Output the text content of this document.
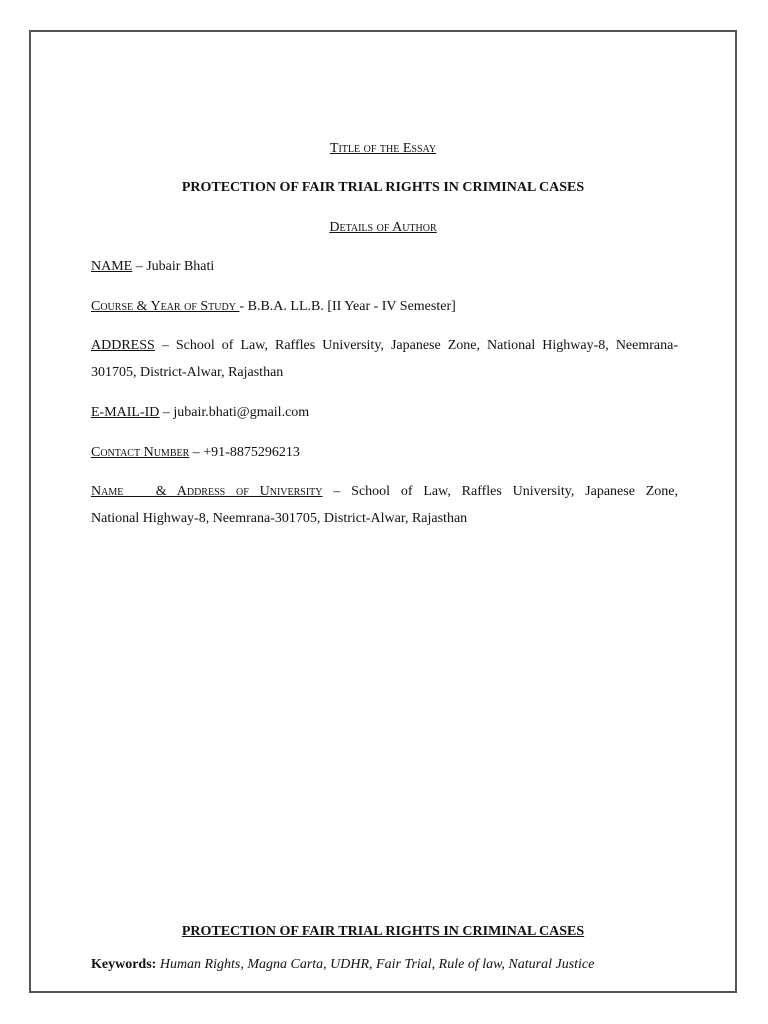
Title of the Essay
PROTECTION OF FAIR TRIAL RIGHTS IN CRIMINAL CASES
Details of Author
NAME – Jubair Bhati
Course & Year of Study - B.B.A. LL.B. [II Year - IV Semester]
ADDRESS – School of Law, Raffles University, Japanese Zone, National Highway-8, Neemrana-
301705, District-Alwar, Rajasthan
E-MAIL-ID – jubair.bhati@gmail.com
Contact Number – +91-8875296213
Name   & Address of University – School of Law, Raffles University, Japanese Zone,
National Highway-8, Neemrana-301705, District-Alwar, Rajasthan
PROTECTION OF FAIR TRIAL RIGHTS IN CRIMINAL CASES
Keywords: Human Rights, Magna Carta, UDHR, Fair Trial, Rule of law, Natural Justice
